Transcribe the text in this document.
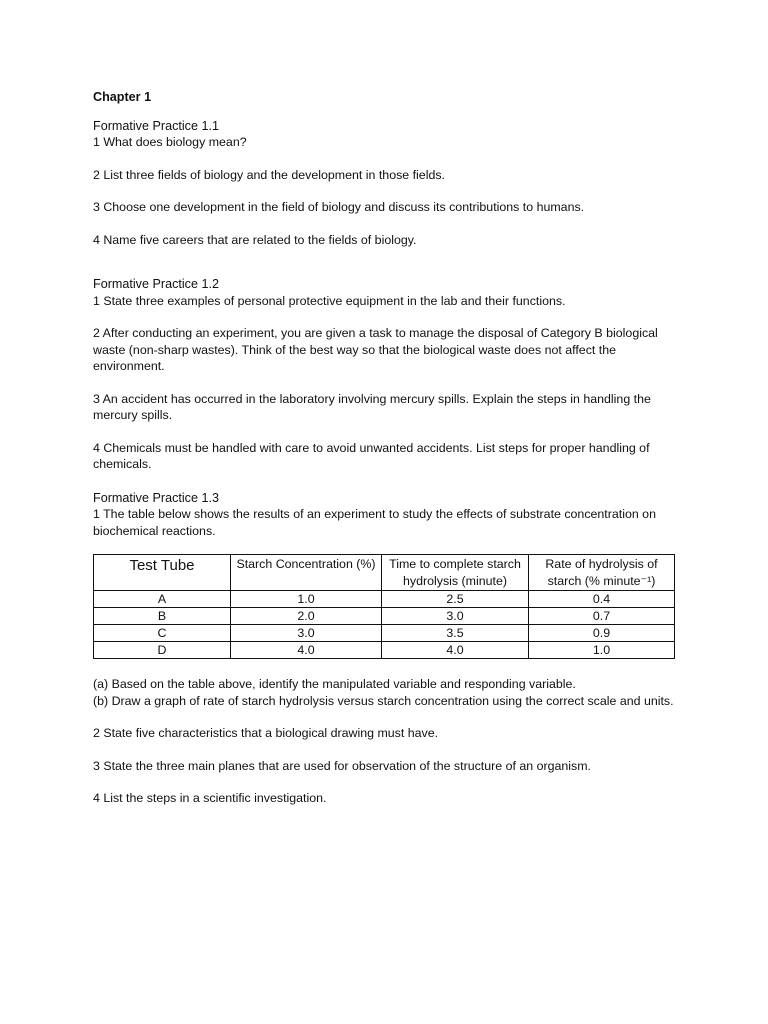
Chapter 1
Formative Practice 1.1

1 What does biology mean?

2 List three fields of biology and the development in those fields.

3 Choose one development in the field of biology and discuss its contributions to humans.

4 Name five careers that are related to the fields of biology.

Formative Practice 1.2

1 State three examples of personal protective equipment in the lab and their functions.

2 After conducting an experiment, you are given a task to manage the disposal of Category B biological waste (non-sharp wastes). Think of the best way so that the biological waste does not affect the environment.

3 An accident has occurred in the laboratory involving mercury spills. Explain the steps in handling the mercury spills.

4 Chemicals must be handled with care to avoid unwanted accidents. List steps for proper handling of chemicals.

Formative Practice 1.3

1 The table below shows the results of an experiment to study the effects of substrate concentration on biochemical reactions.

Test Tube	Starch Concentration (%)	Time to complete starch hydrolysis (minute)	Rate of hydrolysis of starch (% minute⁻¹)
A	1.0	2.5	0.4
B	2.0	3.0	0.7
C	3.0	3.5	0.9
D	4.0	4.0	1.0

(a) Based on the table above, identify the manipulated variable and responding variable.

(b) Draw a graph of rate of starch hydrolysis versus starch concentration using the correct scale and units.

2 State five characteristics that a biological drawing must have.

3 State the three main planes that are used for observation of the structure of an organism.

4 List the steps in a scientific investigation.
